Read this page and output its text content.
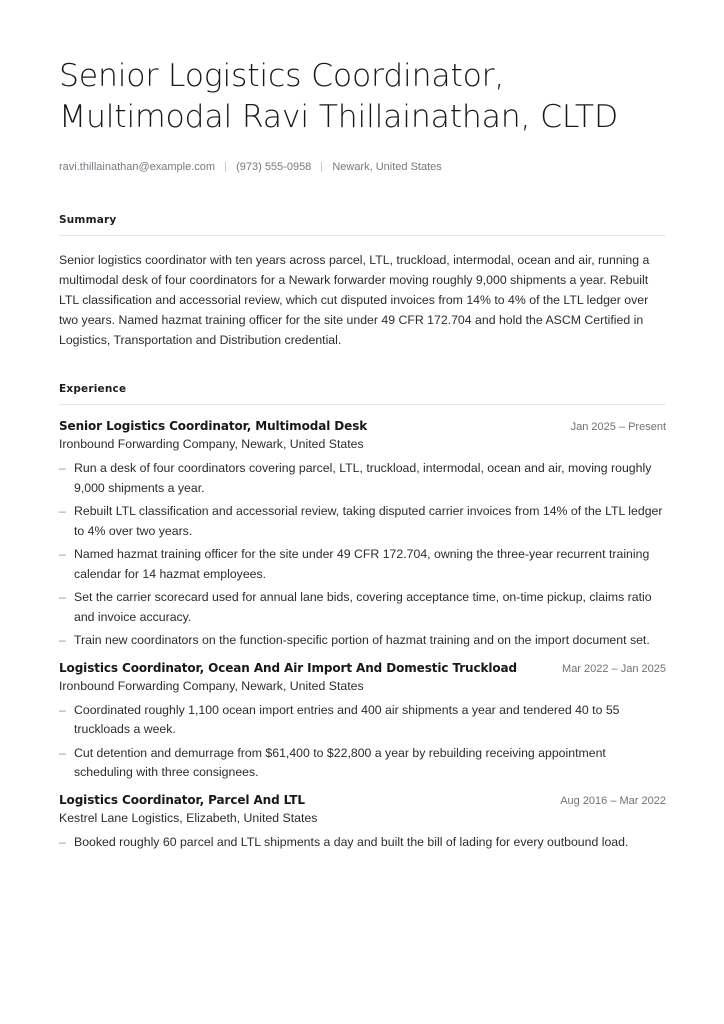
Senior Logistics Coordinator, Multimodal Ravi Thillainathan, CLTD
ravi.thillainathan@example.com (973) 555-0958 Newark, United States
Summary

Senior logistics coordinator with ten years across parcel, LTL, truckload, intermodal, ocean and air, running a multimodal desk of four coordinators for a Newark forwarder moving roughly 9,000 shipments a year. Rebuilt LTL classification and accessorial review, which cut disputed invoices from 14% to 4% of the LTL ledger over two years. Named hazmat training officer for the site under 49 CFR 172.704 and hold the ASCM Certified in Logistics, Transportation and Distribution credential.

Experience
Senior Logistics Coordinator, Multimodal Desk	Jan 2025 – Present
Ironbound Forwarding Company, Newark, United States
– Run a desk of four coordinators covering parcel, LTL, truckload, intermodal, ocean and air, moving roughly 9,000 shipments a year.
– Rebuilt LTL classification and accessorial review, taking disputed carrier invoices from 14% of the LTL ledger to 4% over two years.
– Named hazmat training officer for the site under 49 CFR 172.704, owning the three-year recurrent training calendar for 14 hazmat employees.
– Set the carrier scorecard used for annual lane bids, covering acceptance time, on-time pickup, claims ratio and invoice accuracy.
– Train new coordinators on the function-specific portion of hazmat training and on the import document set.
Logistics Coordinator, Ocean And Air Import And Domestic Truckload	Mar 2022 – Jan 2025
Ironbound Forwarding Company, Newark, United States
– Coordinated roughly 1,100 ocean import entries and 400 air shipments a year and tendered 40 to 55 truckloads a week.
– Cut detention and demurrage from $61,400 to $22,800 a year by rebuilding receiving appointment scheduling with three consignees.
Logistics Coordinator, Parcel And LTL	Aug 2016 – Mar 2022
Kestrel Lane Logistics, Elizabeth, United States
– Booked roughly 60 parcel and LTL shipments a day and built the bill of lading for every outbound load.
